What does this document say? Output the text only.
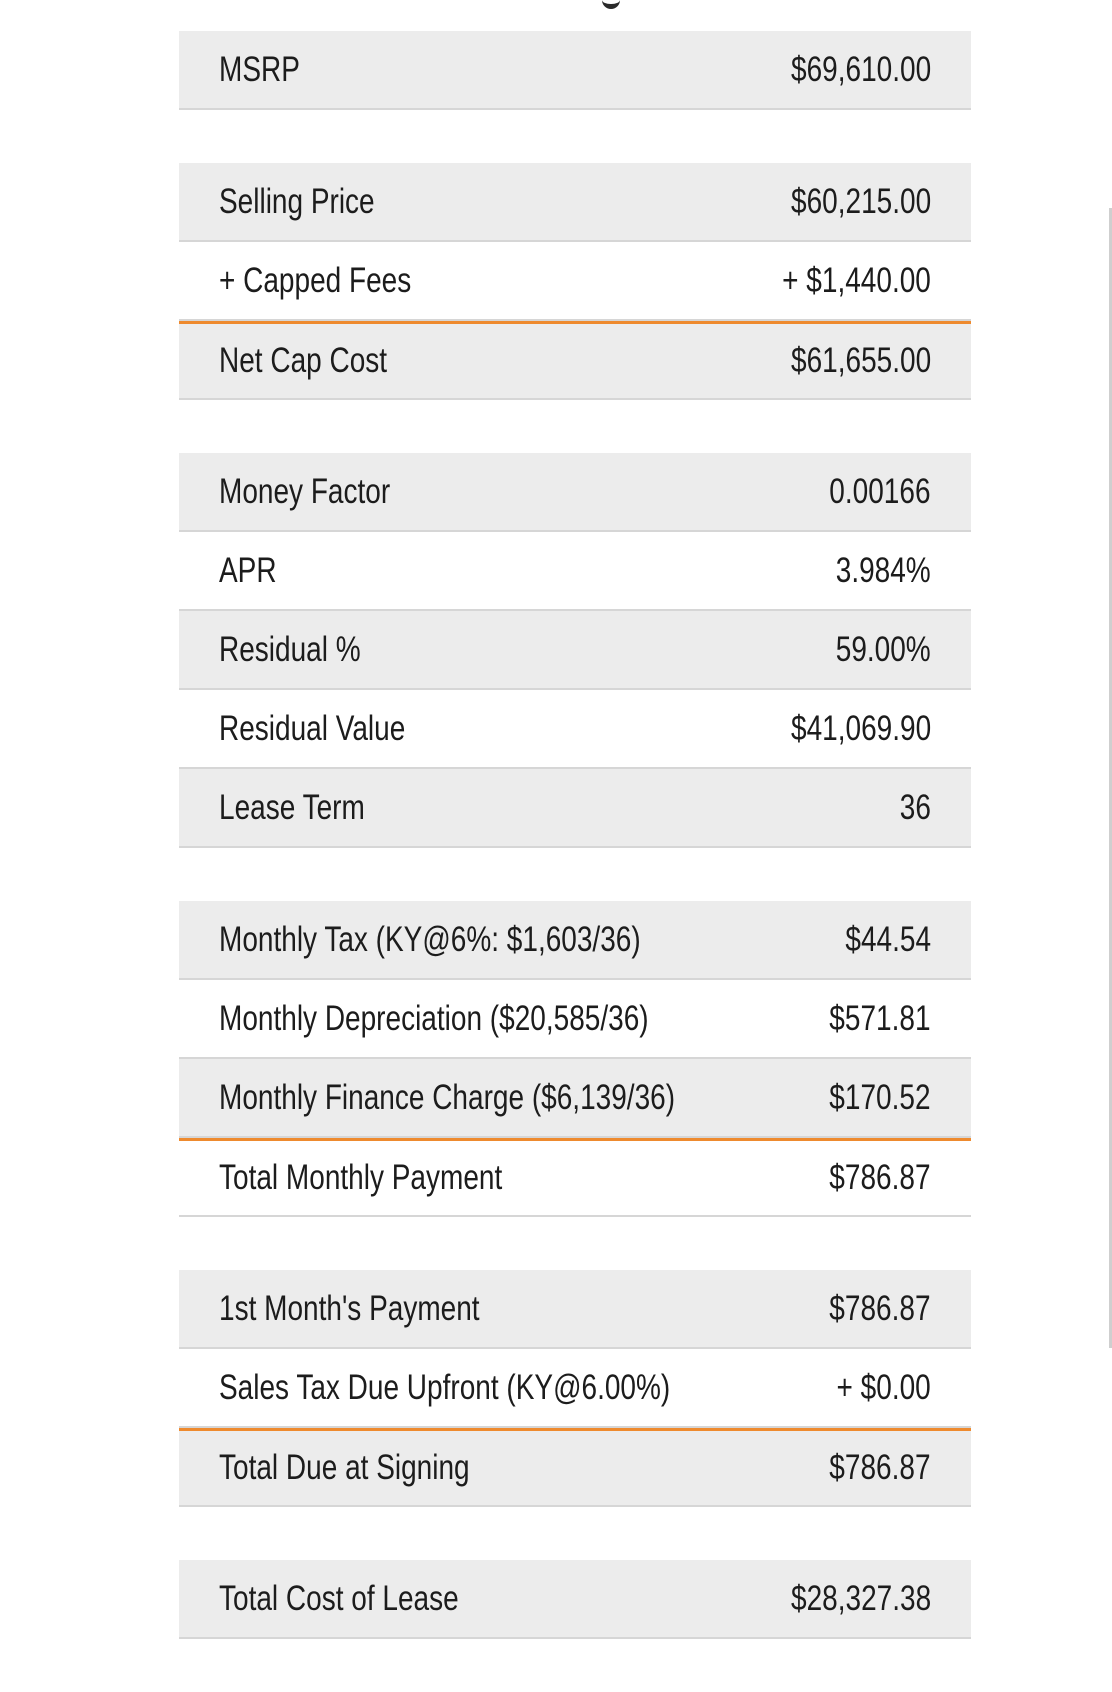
MSRP	$69,610.00
Selling Price	$60,215.00
+ Capped Fees	+ $1,440.00
Net Cap Cost	$61,655.00
Money Factor	0.00166
APR	3.984%
Residual %	59.00%
Residual Value	$41,069.90
Lease Term	36
Monthly Tax (KY@6%: $1,603/36)	$44.54
Monthly Depreciation ($20,585/36)	$571.81
Monthly Finance Charge ($6,139/36)	$170.52
Total Monthly Payment	$786.87
1st Month's Payment	$786.87
Sales Tax Due Upfront (KY@6.00%)	+ $0.00
Total Due at Signing	$786.87
Total Cost of Lease	$28,327.38
